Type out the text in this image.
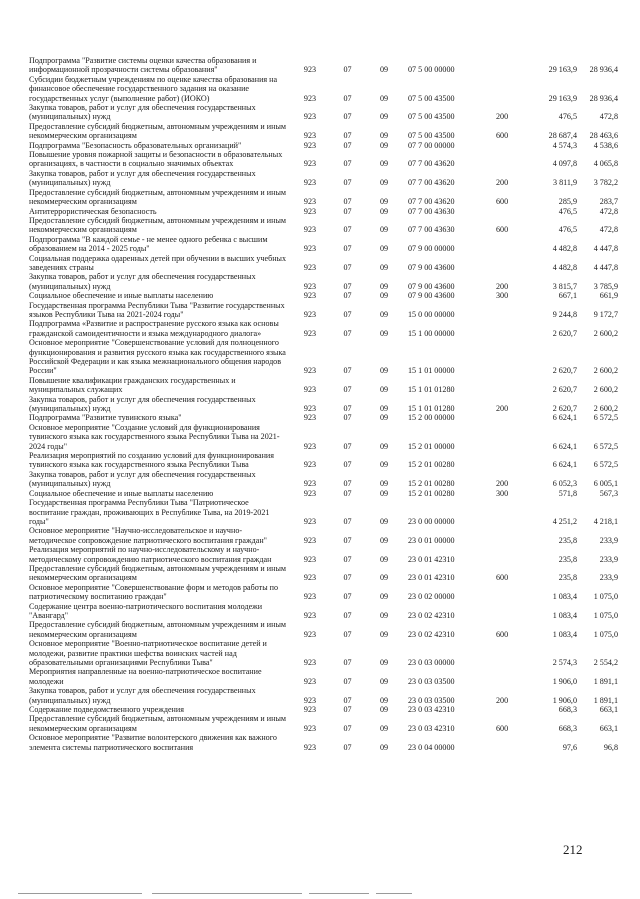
Подпрограмма "Развитие системы оценки качества образования и информационной прозрачности системы образования"	923	07	09	07 5 00 00000		29 163,9	28 936,4
Субсидии бюджетным учреждениям по оценке качества образования на финансовое обеспечение государственного задания на оказание государственных услуг (выполнение работ) (ИОКО)	923	07	09	07 5 00 43500		29 163,9	28 936,4
Закупка товаров, работ и услуг для обеспечения государственных (муниципальных) нужд	923	07	09	07 5 00 43500	200	476,5	472,8
Предоставление субсидий бюджетным, автономным учреждениям и иным некоммерческим организациям	923	07	09	07 5 00 43500	600	28 687,4	28 463,6
Подпрограмма "Безопасность образовательных организаций"	923	07	09	07 7 00 00000		4 574,3	4 538,6
Повышение уровня пожарной защиты и безопасности в образовательных организациях, в частности в социально значимых объектах	923	07	09	07 7 00 43620		4 097,8	4 065,8
Закупка товаров, работ и услуг для обеспечения государственных (муниципальных) нужд	923	07	09	07 7 00 43620	200	3 811,9	3 782,2
Предоставление субсидий бюджетным, автономным учреждениям и иным некоммерческим организациям	923	07	09	07 7 00 43620	600	285,9	283,7
Антитеррористическая безопасность	923	07	09	07 7 00 43630		476,5	472,8
Предоставление субсидий бюджетным, автономным учреждениям и иным некоммерческим организациям	923	07	09	07 7 00 43630	600	476,5	472,8
Подпрограмма "В каждой семье - не менее одного ребенка с высшим образованием на 2014 - 2025 годы"	923	07	09	07 9 00 00000		4 482,8	4 447,8
Социальная поддержка одаренных детей при обучении в высших учебных заведениях страны	923	07	09	07 9 00 43600		4 482,8	4 447,8
Закупка товаров, работ и услуг для обеспечения государственных (муниципальных) нужд	923	07	09	07 9 00 43600	200	3 815,7	3 785,9
Социальное обеспечение и иные выплаты населению	923	07	09	07 9 00 43600	300	667,1	661,9
Государственная программа Республики Тыва "Развитие государственных языков Республики Тыва на 2021-2024 годы"	923	07	09	15 0 00 00000		9 244,8	9 172,7
Подпрограмма «Развитие и распространение русского языка как основы гражданской самоидентичности и языка международного диалога»	923	07	09	15 1 00 00000		2 620,7	2 600,2
Основное мероприятие "Совершенствование условий для полноценного функционирования и развития русского языка как государственного языка Российской Федерации и как языка межнационального общения народов России"	923	07	09	15 1 01 00000		2 620,7	2 600,2
Повышение квалификации гражданских государственных и муниципальных служащих	923	07	09	15 1 01 01280		2 620,7	2 600,2
Закупка товаров, работ и услуг для обеспечения государственных (муниципальных) нужд	923	07	09	15 1 01 01280	200	2 620,7	2 600,2
Подпрограмма "Развитие тувинского языка"	923	07	09	15 2 00 00000		6 624,1	6 572,5
Основное мероприятие "Создание условий для функционирования тувинского языка как государственного языка Республики Тыва на 2021-2024 годы"	923	07	09	15 2 01 00000		6 624,1	6 572,5
Реализация мероприятий по созданию условий для функционирования тувинского языка как государственного языка Республики Тыва	923	07	09	15 2 01 00280		6 624,1	6 572,5
Закупка товаров, работ и услуг для обеспечения государственных (муниципальных) нужд	923	07	09	15 2 01 00280	200	6 052,3	6 005,1
Социальное обеспечение и иные выплаты населению	923	07	09	15 2 01 00280	300	571,8	567,3
Государственная программа Республики Тыва "Патриотическое воспитание граждан, проживающих в Республике Тыва, на 2019-2021 годы"	923	07	09	23 0 00 00000		4 251,2	4 218,1
Основное мероприятие "Научно-исследовательское и научно-методическое сопровождение патриотического воспитания граждан"	923	07	09	23 0 01 00000		235,8	233,9
Реализация мероприятий по научно-исследовательскому и научно-методическому сопровождению патриотического воспитания граждан	923	07	09	23 0 01 42310		235,8	233,9
Предоставление субсидий бюджетным, автономным учреждениям и иным некоммерческим организациям	923	07	09	23 0 01 42310	600	235,8	233,9
Основное мероприятие "Совершенствование форм и методов работы по патриотическому воспитанию граждан"	923	07	09	23 0 02 00000		1 083,4	1 075,0
Содержание центра военно-патриотического воспитания молодежи "Авангард"	923	07	09	23 0 02 42310		1 083,4	1 075,0
Предоставление субсидий бюджетным, автономным учреждениям и иным некоммерческим организациям	923	07	09	23 0 02 42310	600	1 083,4	1 075,0
Основное мероприятие "Военно-патриотическое воспитание детей и молодежи, развитие практики шефства воинских частей над образовательными организациями Республики Тыва"	923	07	09	23 0 03 00000		2 574,3	2 554,2
Мероприятия направленные на военно-патриотическое воспитание молодежи	923	07	09	23 0 03 03500		1 906,0	1 891,1
Закупка товаров, работ и услуг для обеспечения государственных (муниципальных) нужд	923	07	09	23 0 03 03500	200	1 906,0	1 891,1
Содержание подведомственного учреждения	923	07	09	23 0 03 42310		668,3	663,1
Предоставление субсидий бюджетным, автономным учреждениям и иным некоммерческим организациям	923	07	09	23 0 03 42310	600	668,3	663,1
Основное мероприятие "Развитие волонтерского движения как важного элемента системы патриотического воспитания	923	07	09	23 0 04 00000		97,6	96,8
212
